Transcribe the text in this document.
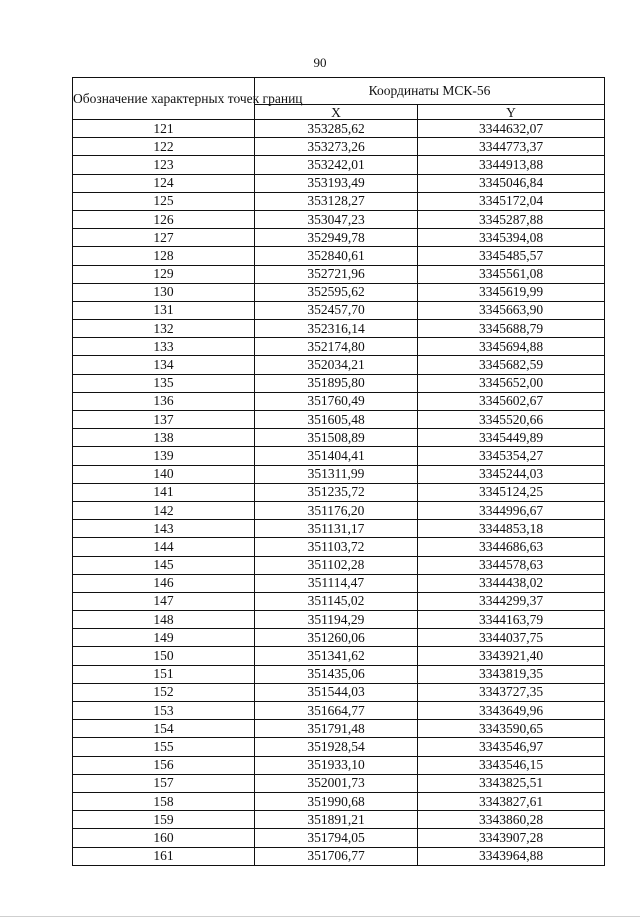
90
Обозначение характерных точек границ	Координаты МСК-56	
	X	Y
121	353285,62	3344632,07
122	353273,26	3344773,37
123	353242,01	3344913,88
124	353193,49	3345046,84
125	353128,27	3345172,04
126	353047,23	3345287,88
127	352949,78	3345394,08
128	352840,61	3345485,57
129	352721,96	3345561,08
130	352595,62	3345619,99
131	352457,70	3345663,90
132	352316,14	3345688,79
133	352174,80	3345694,88
134	352034,21	3345682,59
135	351895,80	3345652,00
136	351760,49	3345602,67
137	351605,48	3345520,66
138	351508,89	3345449,89
139	351404,41	3345354,27
140	351311,99	3345244,03
141	351235,72	3345124,25
142	351176,20	3344996,67
143	351131,17	3344853,18
144	351103,72	3344686,63
145	351102,28	3344578,63
146	351114,47	3344438,02
147	351145,02	3344299,37
148	351194,29	3344163,79
149	351260,06	3344037,75
150	351341,62	3343921,40
151	351435,06	3343819,35
152	351544,03	3343727,35
153	351664,77	3343649,96
154	351791,48	3343590,65
155	351928,54	3343546,97
156	351933,10	3343546,15
157	352001,73	3343825,51
158	351990,68	3343827,61
159	351891,21	3343860,28
160	351794,05	3343907,28
161	351706,77	3343964,88
